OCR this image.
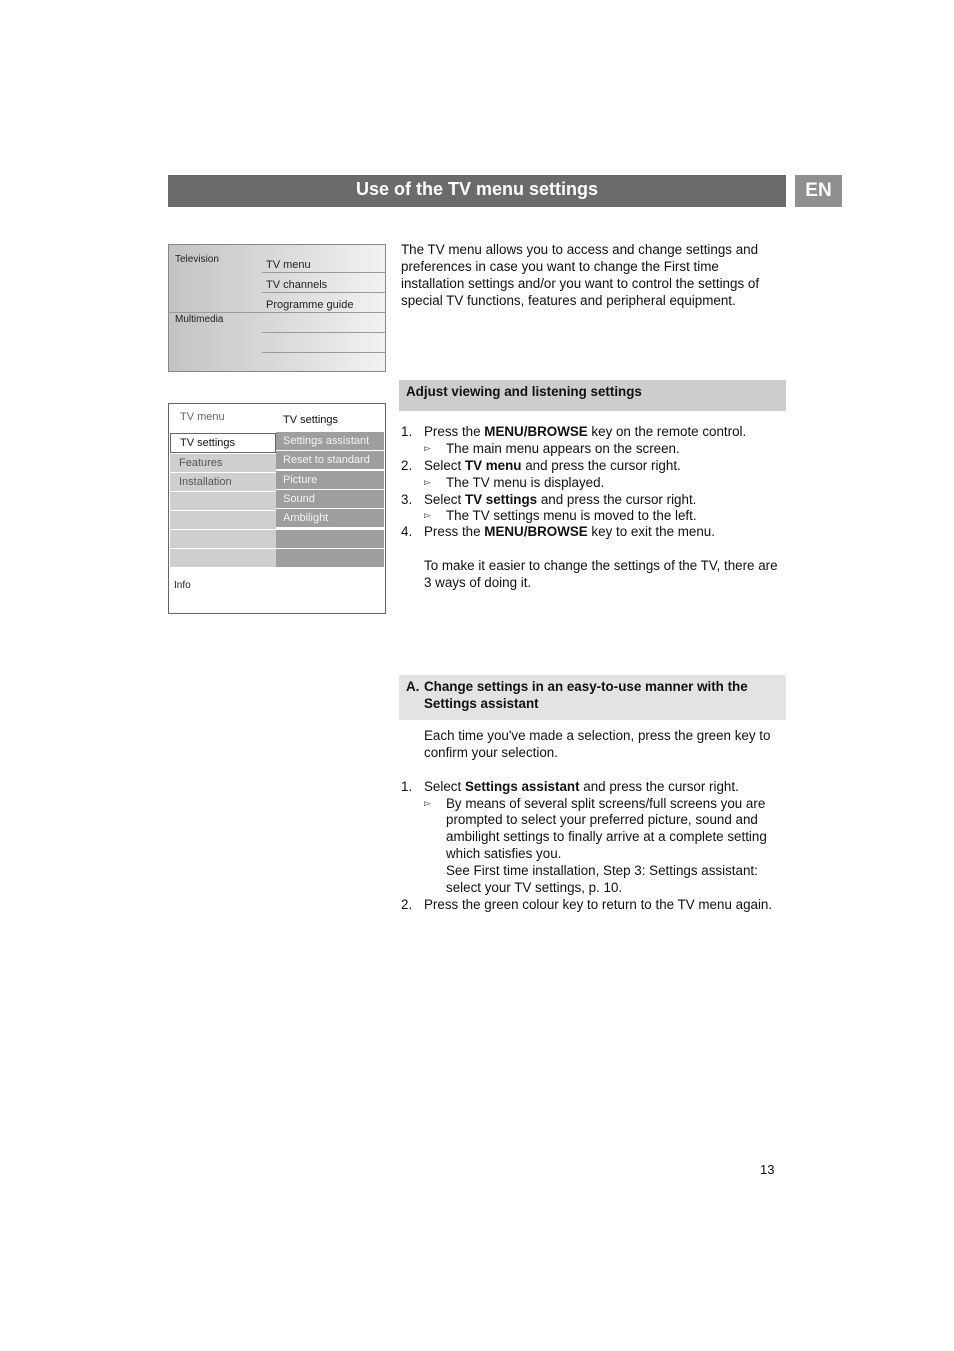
Use of the TV menu settings	EN
Television
Multimedia
TV menu
TV channels
Programme guide
TV menu	TV settings
TV settings
Features
Installation
Settings assistant
Reset to standard
Picture
Sound
Ambilight
Info
The TV menu allows you to access and change settings and
preferences in case you want to change the First time
installation settings and/or you want to control the settings of
special TV functions, features and peripheral equipment.
Adjust viewing and listening settings
1. Press the MENU/BROWSE key on the remote control.
▻ The main menu appears on the screen.
2. Select TV menu and press the cursor right.
▻ The TV menu is displayed.
3. Select TV settings and press the cursor right.
▻ The TV settings menu is moved to the left.
4. Press the MENU/BROWSE key to exit the menu.
To make it easier to change the settings of the TV, there are
3 ways of doing it.
A. Change settings in an easy-to-use manner with the
Settings assistant
Each time you've made a selection, press the green key to
confirm your selection.
1. Select Settings assistant and press the cursor right.
▻ By means of several split screens/full screens you are
prompted to select your preferred picture, sound and
ambilight settings to finally arrive at a complete setting
which satisfies you.
See First time installation, Step 3: Settings assistant:
select your TV settings, p. 10.
2. Press the green colour key to return to the TV menu again.
13
